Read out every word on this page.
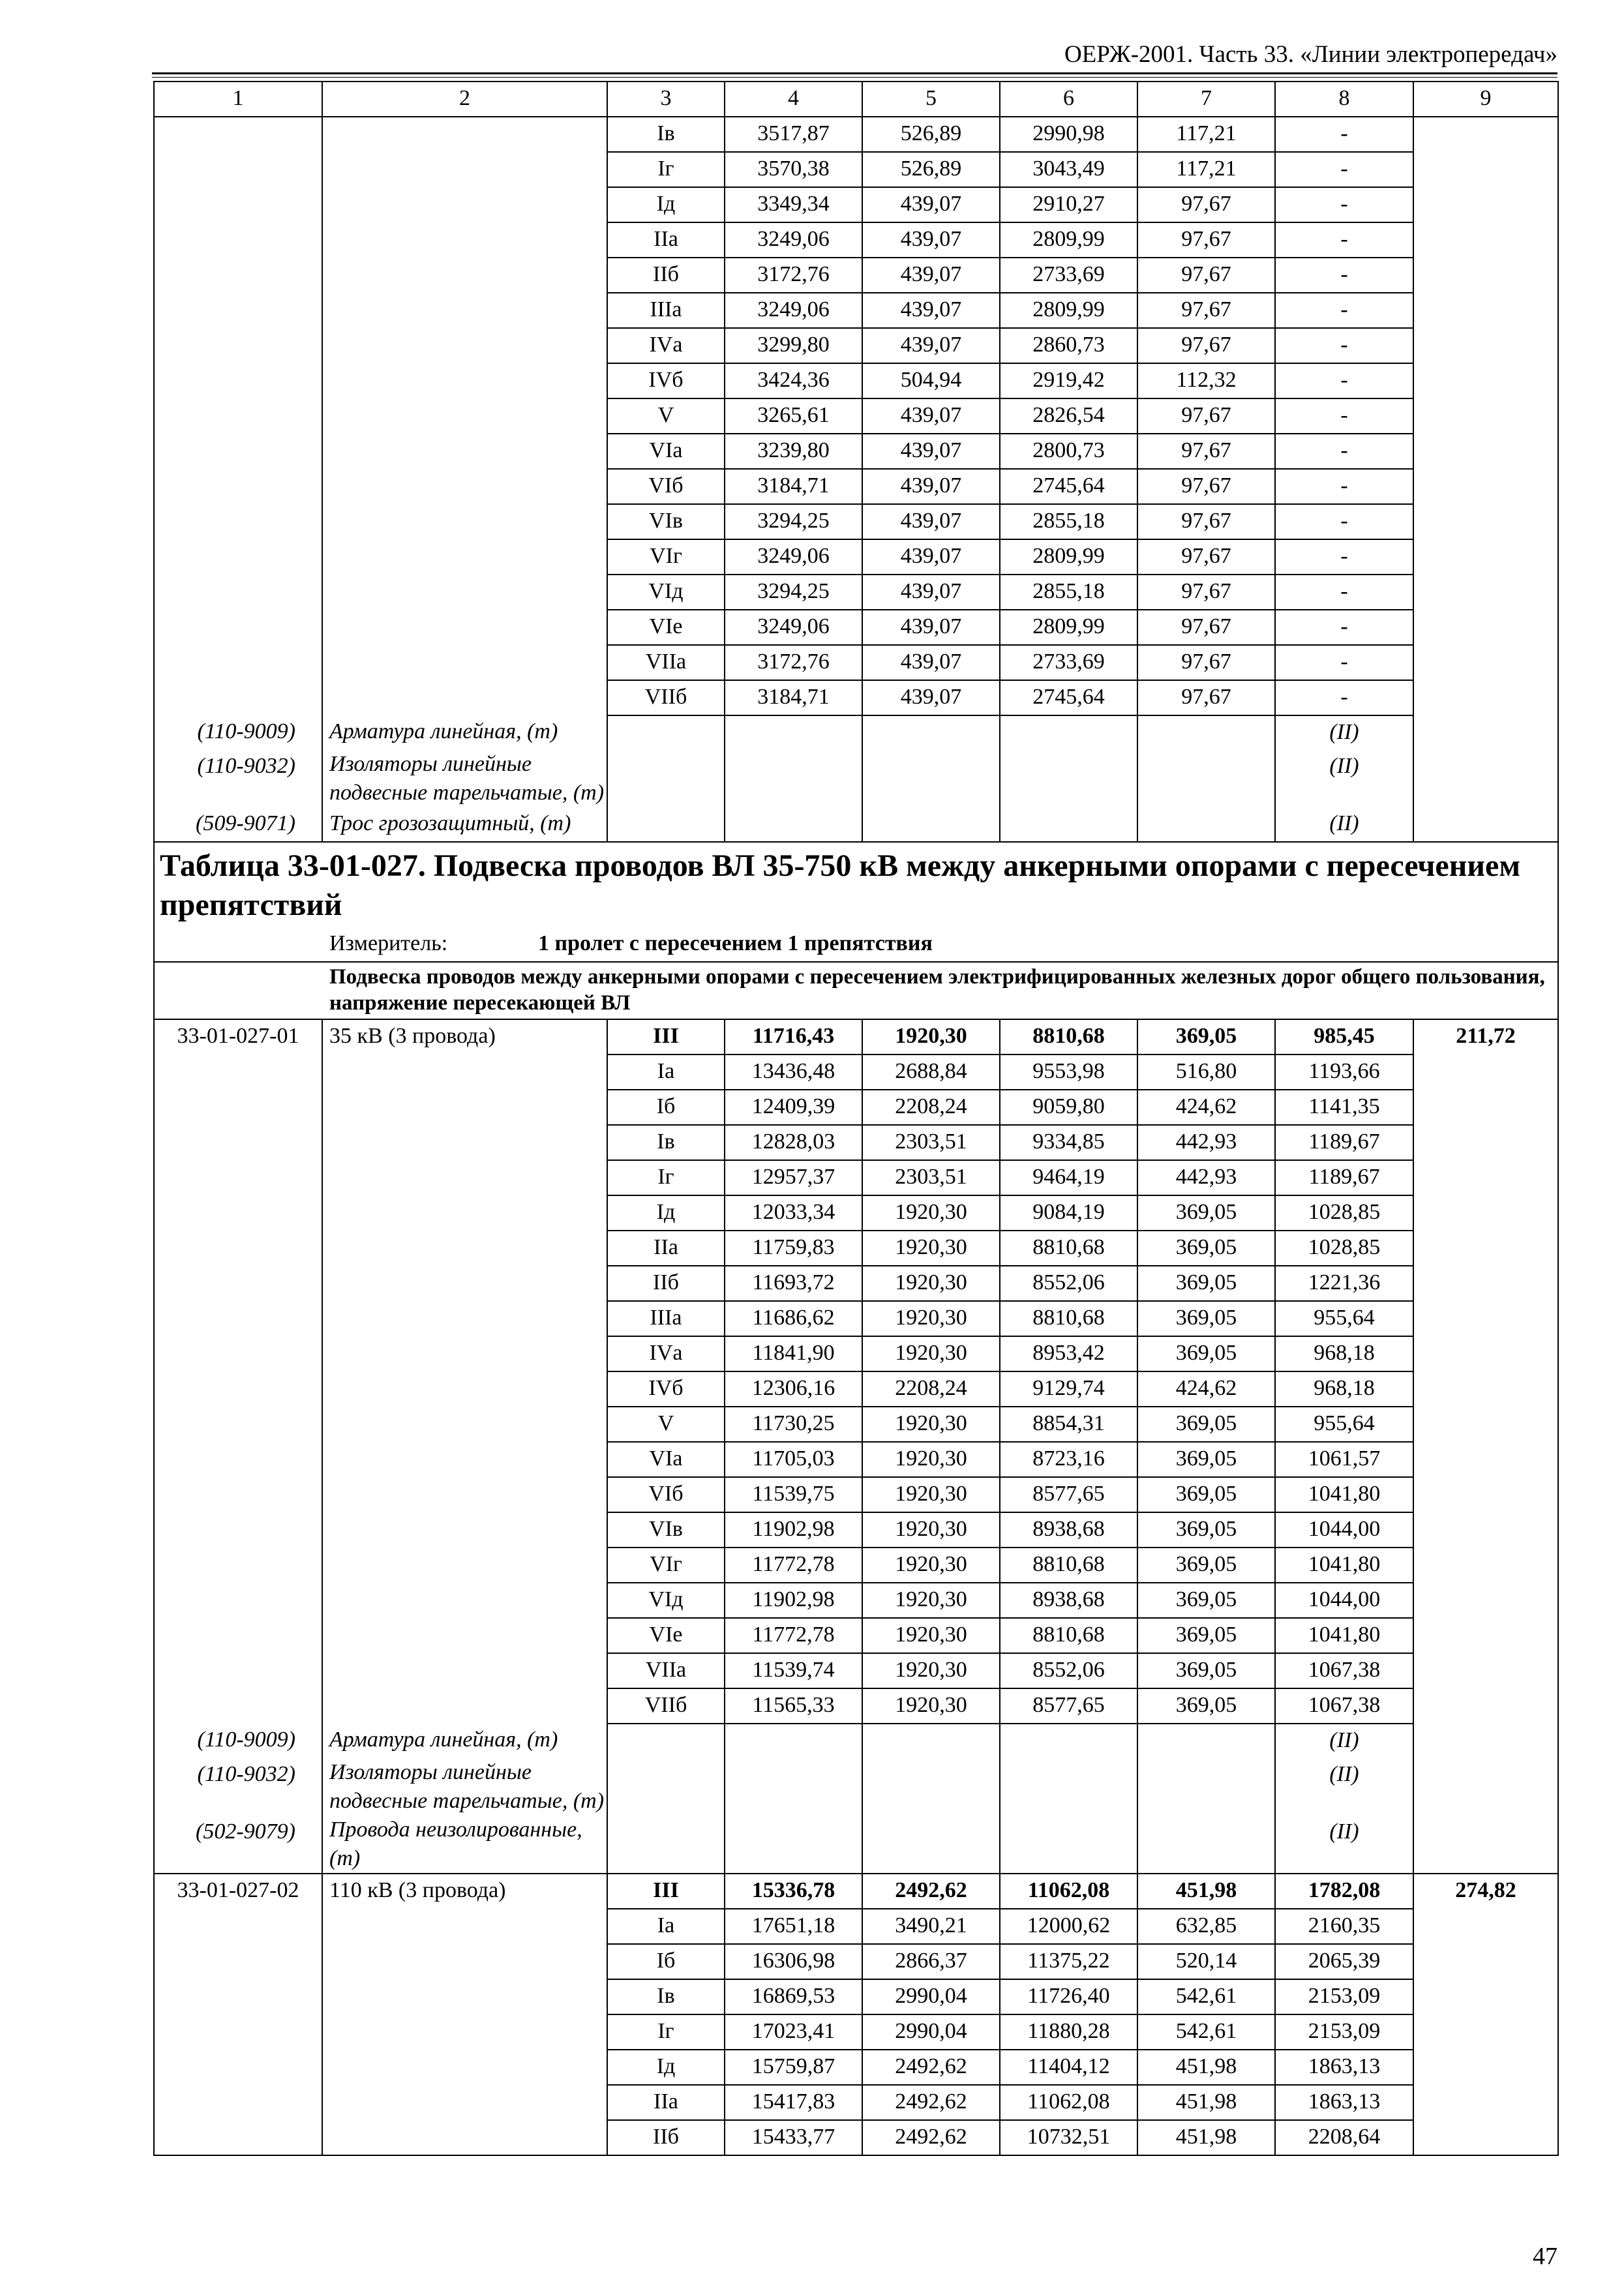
ОЕРЖ-2001. Часть 33. «Линии электропередач»
1	2	3	4	5	6	7	8	9
		Iв	3517,87	526,89	2990,98	117,21	-	
		Iг	3570,38	526,89	3043,49	117,21	-	
		Iд	3349,34	439,07	2910,27	97,67	-	
		IIа	3249,06	439,07	2809,99	97,67	-	
		IIб	3172,76	439,07	2733,69	97,67	-	
		IIIа	3249,06	439,07	2809,99	97,67	-	
		IVа	3299,80	439,07	2860,73	97,67	-	
		IVб	3424,36	504,94	2919,42	112,32	-	
		V	3265,61	439,07	2826,54	97,67	-	
		VIа	3239,80	439,07	2800,73	97,67	-	
		VIб	3184,71	439,07	2745,64	97,67	-	
		VIв	3294,25	439,07	2855,18	97,67	-	
		VIг	3249,06	439,07	2809,99	97,67	-	
		VIд	3294,25	439,07	2855,18	97,67	-	
		VIе	3249,06	439,07	2809,99	97,67	-	
		VIIа	3172,76	439,07	2733,69	97,67	-	
		VIIб	3184,71	439,07	2745,64	97,67	-	
(110-9009)	Арматура линейная, (т)						(II)	
(110-9032)	Изоляторы линейные подвесные тарельчатые, (т)						(II)	
(509-9071)	Трос грозозащитный, (т)						(II)	
Таблица 33-01-027. Подвеска проводов ВЛ 35-750 кВ между анкерными опорами с пересечением препятствий								
Измеритель: 1 пролет с пересечением 1 препятствия								
Подвеска проводов между анкерными опорами с пересечением электрифицированных железных дорог общего пользования, напряжение пересекающей ВЛ								
33-01-027-01	35 кВ (3 провода)	III	11716,43	1920,30	8810,68	369,05	985,45	211,72
		Iа	13436,48	2688,84	9553,98	516,80	1193,66	
		Iб	12409,39	2208,24	9059,80	424,62	1141,35	
		Iв	12828,03	2303,51	9334,85	442,93	1189,67	
		Iг	12957,37	2303,51	9464,19	442,93	1189,67	
		Iд	12033,34	1920,30	9084,19	369,05	1028,85	
		IIа	11759,83	1920,30	8810,68	369,05	1028,85	
		IIб	11693,72	1920,30	8552,06	369,05	1221,36	
		IIIа	11686,62	1920,30	8810,68	369,05	955,64	
		IVа	11841,90	1920,30	8953,42	369,05	968,18	
		IVб	12306,16	2208,24	9129,74	424,62	968,18	
		V	11730,25	1920,30	8854,31	369,05	955,64	
		VIа	11705,03	1920,30	8723,16	369,05	1061,57	
		VIб	11539,75	1920,30	8577,65	369,05	1041,80	
		VIв	11902,98	1920,30	8938,68	369,05	1044,00	
		VIг	11772,78	1920,30	8810,68	369,05	1041,80	
		VIд	11902,98	1920,30	8938,68	369,05	1044,00	
		VIе	11772,78	1920,30	8810,68	369,05	1041,80	
		VIIа	11539,74	1920,30	8552,06	369,05	1067,38	
		VIIб	11565,33	1920,30	8577,65	369,05	1067,38	
(110-9009)	Арматура линейная, (т)						(II)	
(110-9032)	Изоляторы линейные подвесные тарельчатые, (т)						(II)	
(502-9079)	Провода неизолированные, (т)						(II)	
33-01-027-02	110 кВ (3 провода)	III	15336,78	2492,62	11062,08	451,98	1782,08	274,82
		Iа	17651,18	3490,21	12000,62	632,85	2160,35	
		Iб	16306,98	2866,37	11375,22	520,14	2065,39	
		Iв	16869,53	2990,04	11726,40	542,61	2153,09	
		Iг	17023,41	2990,04	11880,28	542,61	2153,09	
		Iд	15759,87	2492,62	11404,12	451,98	1863,13	
		IIа	15417,83	2492,62	11062,08	451,98	1863,13	
		IIб	15433,77	2492,62	10732,51	451,98	2208,64	
47
